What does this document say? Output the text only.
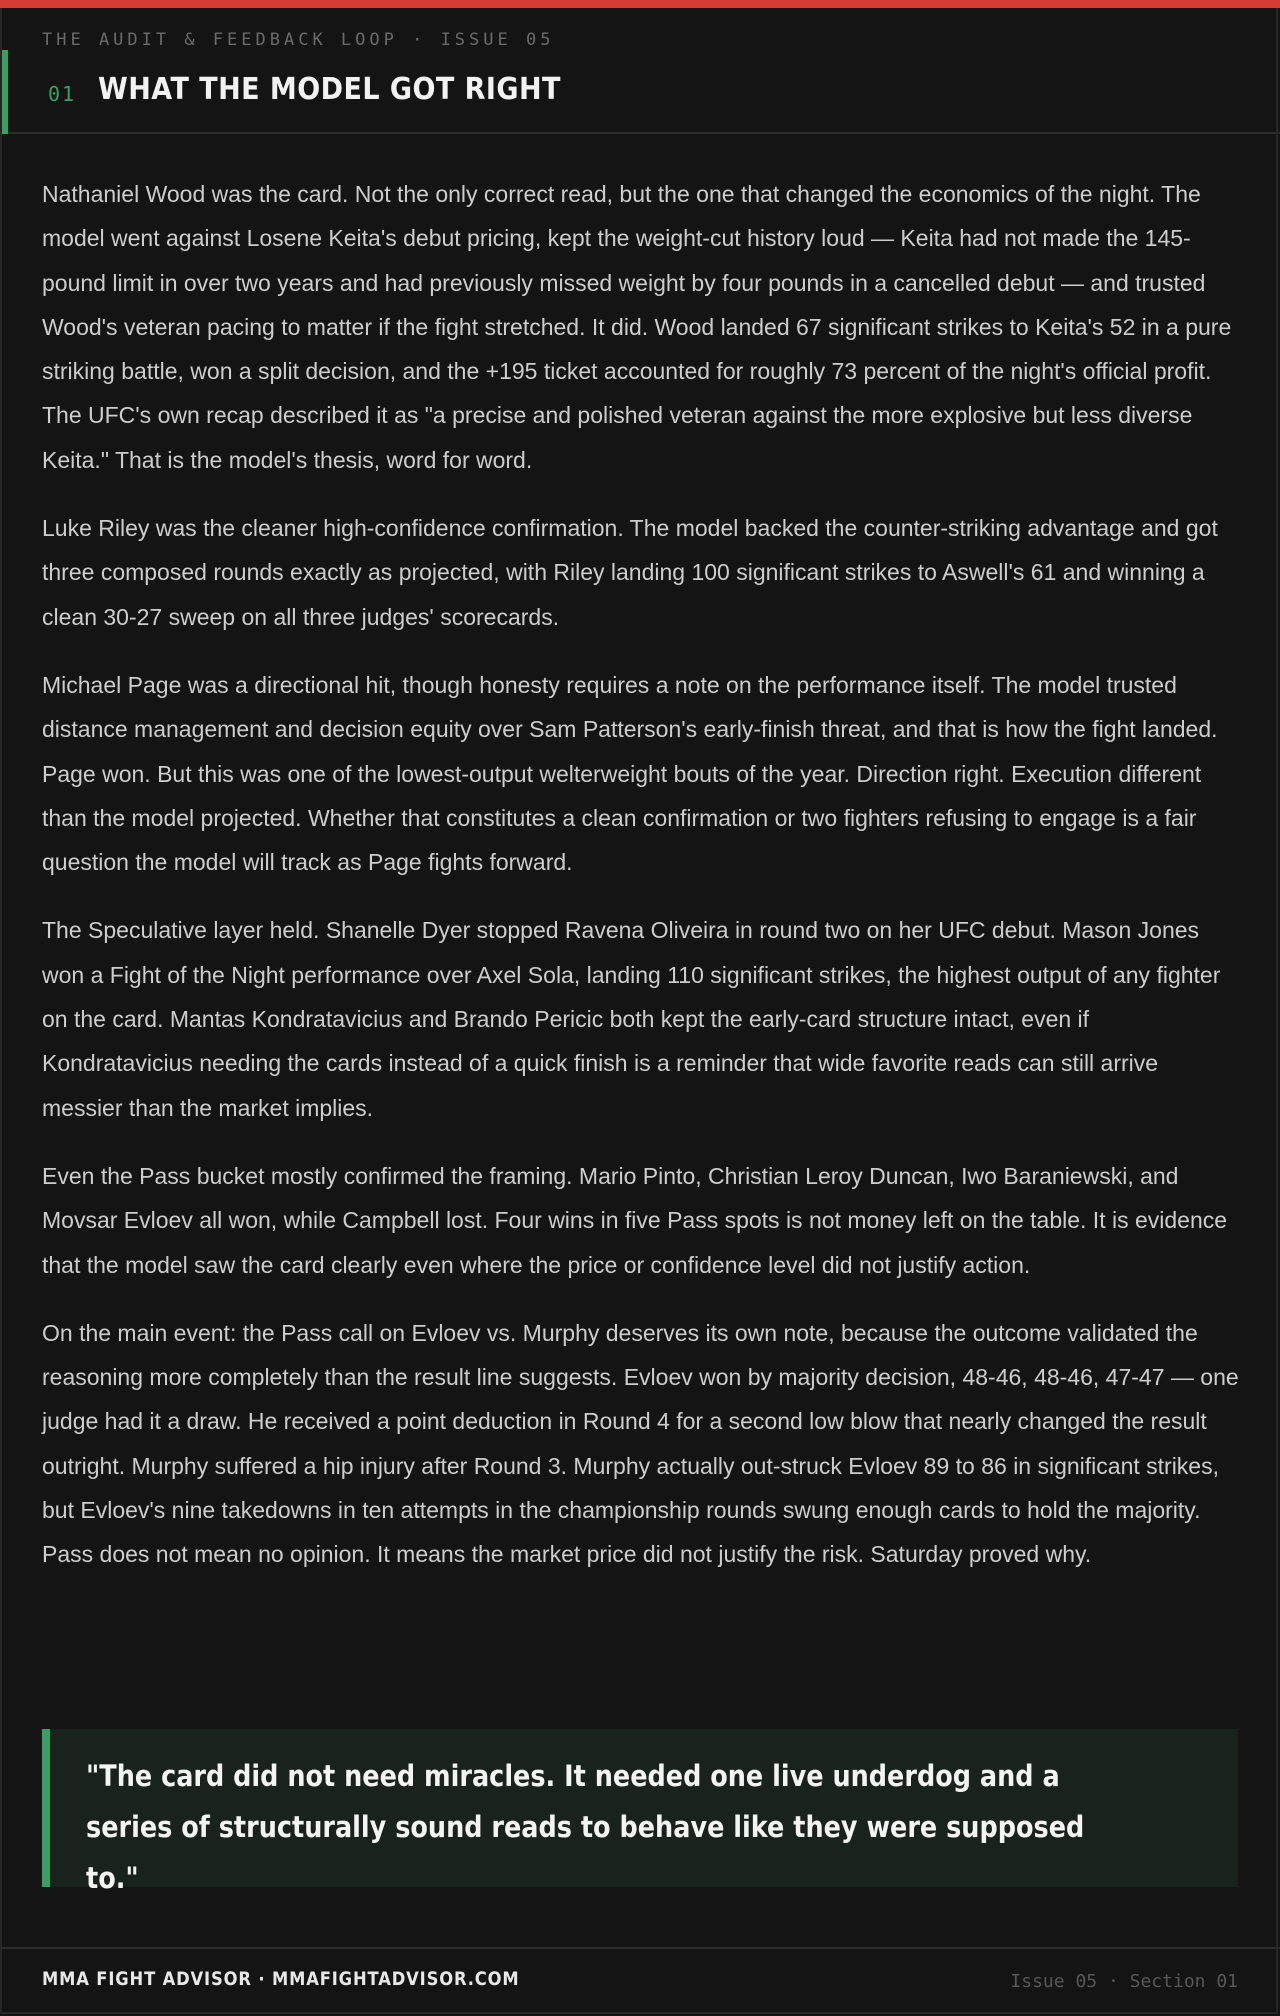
THE AUDIT & FEEDBACK LOOP · ISSUE 05
01 WHAT THE MODEL GOT RIGHT

Nathaniel Wood was the card. Not the only correct read, but the one that changed the economics of the night. The model went against Losene Keita's debut pricing, kept the weight-cut history loud — Keita had not made the 145-pound limit in over two years and had previously missed weight by four pounds in a cancelled debut — and trusted Wood's veteran pacing to matter if the fight stretched. It did. Wood landed 67 significant strikes to Keita's 52 in a pure striking battle, won a split decision, and the +195 ticket accounted for roughly 73 percent of the night's official profit. The UFC's own recap described it as "a precise and polished veteran against the more explosive but less diverse Keita." That is the model's thesis, word for word.

Luke Riley was the cleaner high-confidence confirmation. The model backed the counter-striking advantage and got three composed rounds exactly as projected, with Riley landing 100 significant strikes to Aswell's 61 and winning a clean 30-27 sweep on all three judges' scorecards.

Michael Page was a directional hit, though honesty requires a note on the performance itself. The model trusted distance management and decision equity over Sam Patterson's early-finish threat, and that is how the fight landed. Page won. But this was one of the lowest-output welterweight bouts of the year. Direction right. Execution different than the model projected. Whether that constitutes a clean confirmation or two fighters refusing to engage is a fair question the model will track as Page fights forward.

The Speculative layer held. Shanelle Dyer stopped Ravena Oliveira in round two on her UFC debut. Mason Jones won a Fight of the Night performance over Axel Sola, landing 110 significant strikes, the highest output of any fighter on the card. Mantas Kondratavicius and Brando Pericic both kept the early-card structure intact, even if Kondratavicius needing the cards instead of a quick finish is a reminder that wide favorite reads can still arrive messier than the market implies.

Even the Pass bucket mostly confirmed the framing. Mario Pinto, Christian Leroy Duncan, Iwo Baraniewski, and Movsar Evloev all won, while Campbell lost. Four wins in five Pass spots is not money left on the table. It is evidence that the model saw the card clearly even where the price or confidence level did not justify action.

On the main event: the Pass call on Evloev vs. Murphy deserves its own note, because the outcome validated the reasoning more completely than the result line suggests. Evloev won by majority decision, 48-46, 48-46, 47-47 — one judge had it a draw. He received a point deduction in Round 4 for a second low blow that nearly changed the result outright. Murphy suffered a hip injury after Round 3. Murphy actually out-struck Evloev 89 to 86 in significant strikes, but Evloev's nine takedowns in ten attempts in the championship rounds swung enough cards to hold the majority. Pass does not mean no opinion. It means the market price did not justify the risk. Saturday proved why.

"The card did not need miracles. It needed one live underdog and a series of structurally sound reads to behave like they were supposed to."
MMA FIGHT ADVISOR · MMAFIGHTADVISOR.COM	Issue 05 · Section 01
